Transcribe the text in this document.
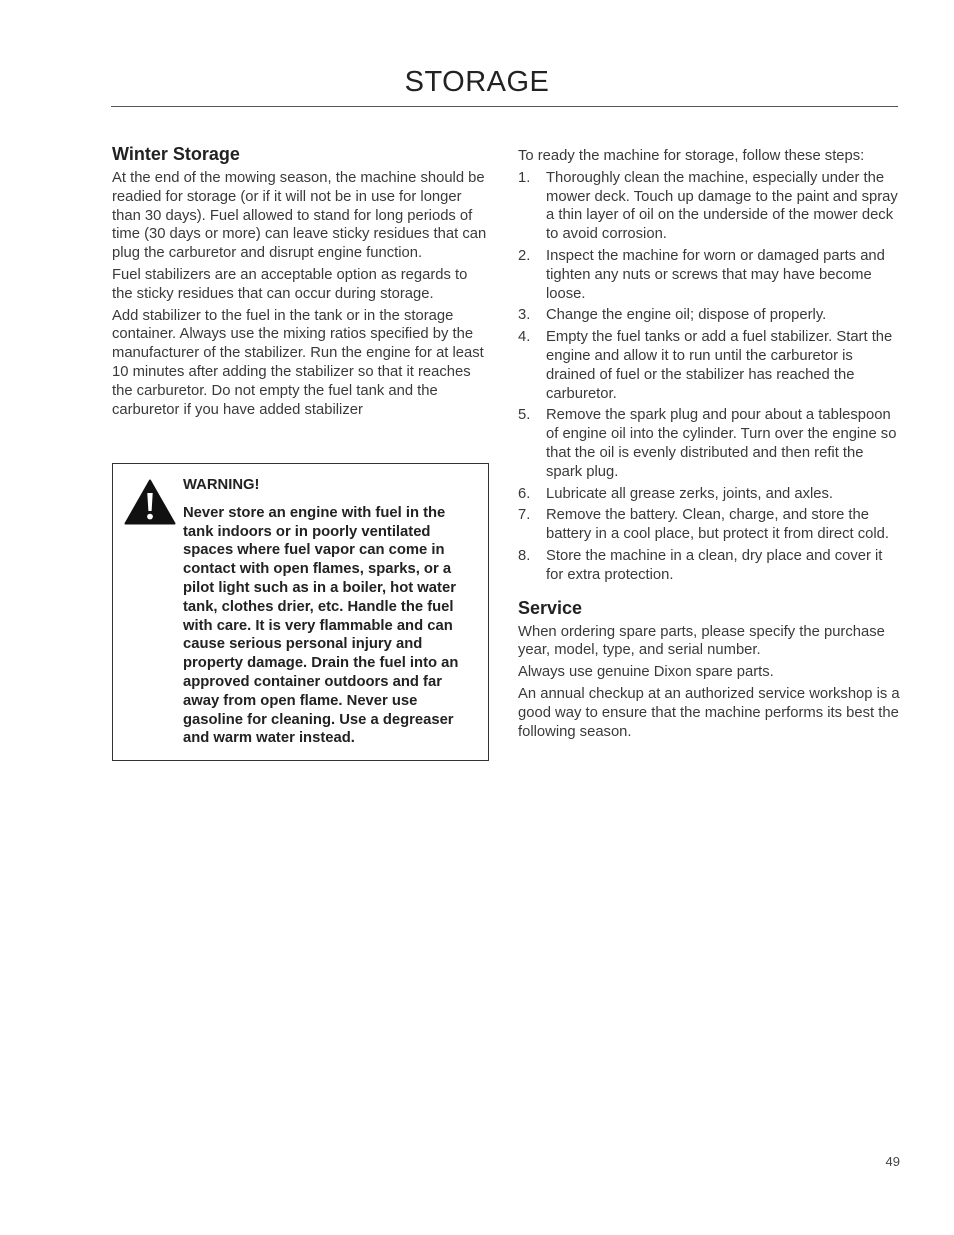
STORAGE
Winter Storage

At the end of the mowing season, the machine should be readied for storage (or if it will not be in use for longer than 30 days). Fuel allowed to stand for long periods of time (30 days or more) can leave sticky residues that can plug the carburetor and disrupt engine function.

Fuel stabilizers are an acceptable option as regards to the sticky residues that can occur during storage.

Add stabilizer to the fuel in the tank or in the storage container. Always use the mixing ratios specified by the manufacturer of the stabilizer. Run the engine for at least 10 minutes after adding the stabilizer so that it reaches the carburetor. Do not empty the fuel tank and the carburetor if you have added stabilizer

WARNING!

Never store an engine with fuel in the tank indoors or in poorly ventilated spaces where fuel vapor can come in contact with open flames, sparks, or a pilot light such as in a boiler, hot water tank, clothes drier, etc. Handle the fuel with care. It is very flammable and can cause serious personal injury and property damage. Drain the fuel into an approved container outdoors and far away from open flame. Never use gasoline for cleaning. Use a degreaser and warm water instead.

To ready the machine for storage, follow these steps:

1. Thoroughly clean the machine, especially under the mower deck. Touch up damage to the paint and spray a thin layer of oil on the underside of the mower deck to avoid corrosion.
2. Inspect the machine for worn or damaged parts and tighten any nuts or screws that may have become loose.
3. Change the engine oil; dispose of properly.
4. Empty the fuel tanks or add a fuel stabilizer. Start the engine and allow it to run until the carburetor is drained of fuel or the stabilizer has reached the carburetor.
5. Remove the spark plug and pour about a tablespoon of engine oil into the cylinder. Turn over the engine so that the oil is evenly distributed and then refit the spark plug.
6. Lubricate all grease zerks, joints, and axles.
7. Remove the battery. Clean, charge, and store the battery in a cool place, but protect it from direct cold.
8. Store the machine in a clean, dry place and cover it for extra protection.
Service

When ordering spare parts, please specify the purchase year, model, type, and serial number.

Always use genuine Dixon spare parts.

An annual checkup at an authorized service workshop is a good way to ensure that the machine performs its best the following season.

49
